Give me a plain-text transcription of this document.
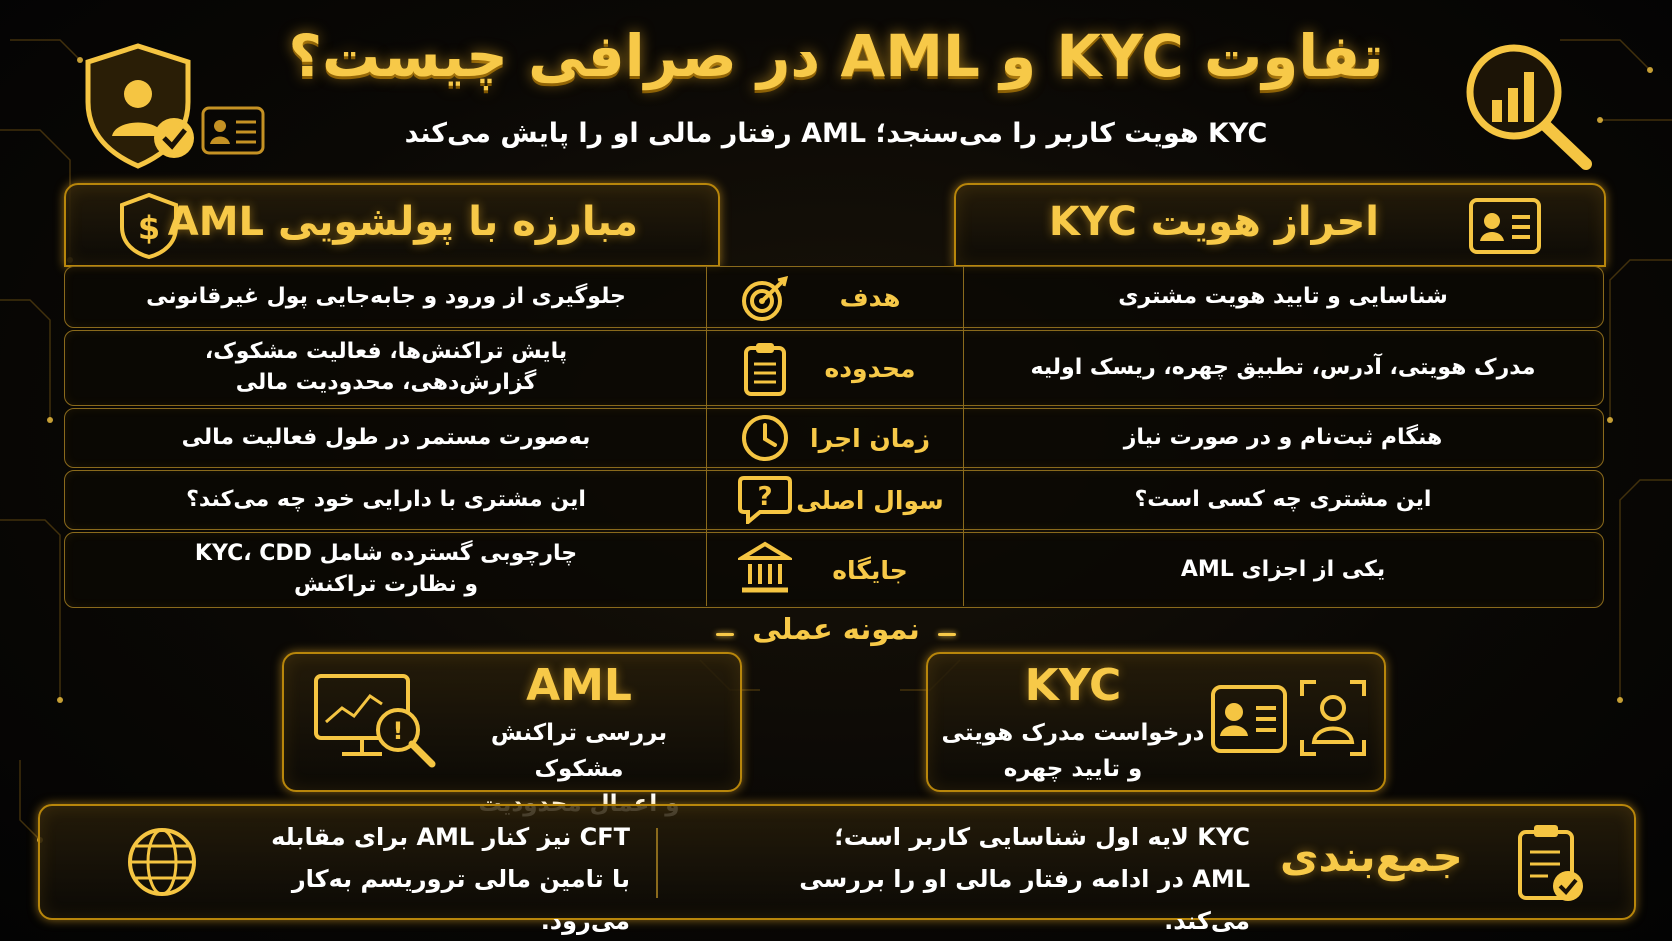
تفاوت KYC و AML در صرافی چیست؟
KYC هویت کاربر را می‌سنجد؛ AML رفتار مالی او را پایش می‌کند
$ مبارزه با پولشویی AML	احراز هویت KYC
جلوگیری از ورود و جابه‌جایی پول غیرقانونی	هدف	شناسایی و تایید هویت مشتری
پایش تراکنش‌ها، فعالیت مشکوک،
گزارش‌دهی، محدودیت مالی	محدوده	مدرک هویتی، آدرس، تطبیق چهره، ریسک اولیه
به‌صورت مستمر در طول فعالیت مالی	زمان اجرا	هنگام ثبت‌نام و در صورت نیاز
این مشتری با دارایی خود چه می‌کند؟	سوال اصلی	این مشتری چه کسی است؟
چارچوبی گسترده شامل KYC، CDD
و نظارت تراکنش	جایگاه	یکی از اجزای AML
?
نمونه عملی
!
AML
بررسی تراکنش مشکوک

KYC
درخواست مدرک هویتی
و تایید چهره
CFT نیز کنار AML برای مقابله
با تامین مالی تروریسم به‌کار می‌رود.
KYC لایه اول شناسایی کاربر است؛
AML در ادامه رفتار مالی او را بررسی می‌کند.
جمع‌بندی
